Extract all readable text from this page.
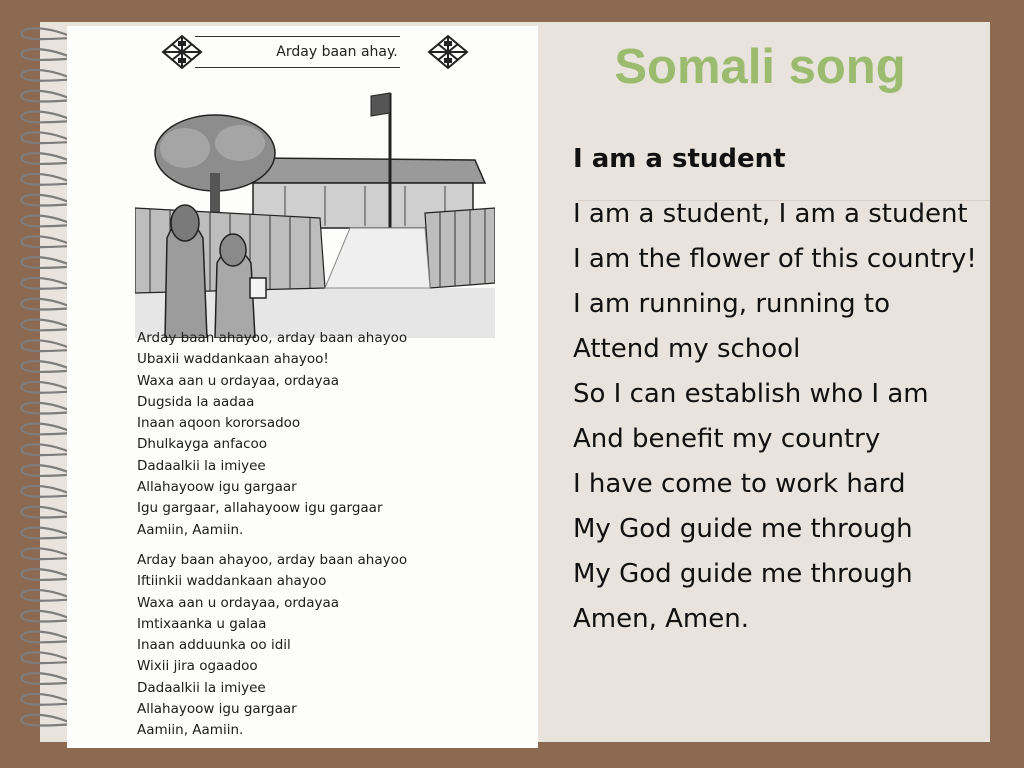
Arday baan ahay.
Arday baan ahayoo, arday baan ahayoo
Ubaxii waddankaan ahayoo!
Waxa aan u ordayaa, ordayaa
Dugsida la aadaa
Inaan aqoon kororsadoo
Dhulkayga anfacoo
Dadaalkii la imiyee
Allahayoow igu gargaar
Igu gargaar, allahayoow igu gargaar
Aamiin, Aamiin.
Arday baan ahayoo, arday baan ahayoo
Iftiinkii waddankaan ahayoo
Waxa aan u ordayaa, ordayaa
Imtixaanka u galaa
Inaan adduunka oo idil
Wixii jira ogaadoo
Dadaalkii la imiyee
Allahayoow igu gargaar
Aamiin, Aamiin.
Somali song
I am a student
I am a student, I am a student
I am the flower of this country!
I am running, running to
Attend my school
So I can establish who I am
And benefit my country
I have come to work hard
My God guide me through
My God guide me through
Amen, Amen.
